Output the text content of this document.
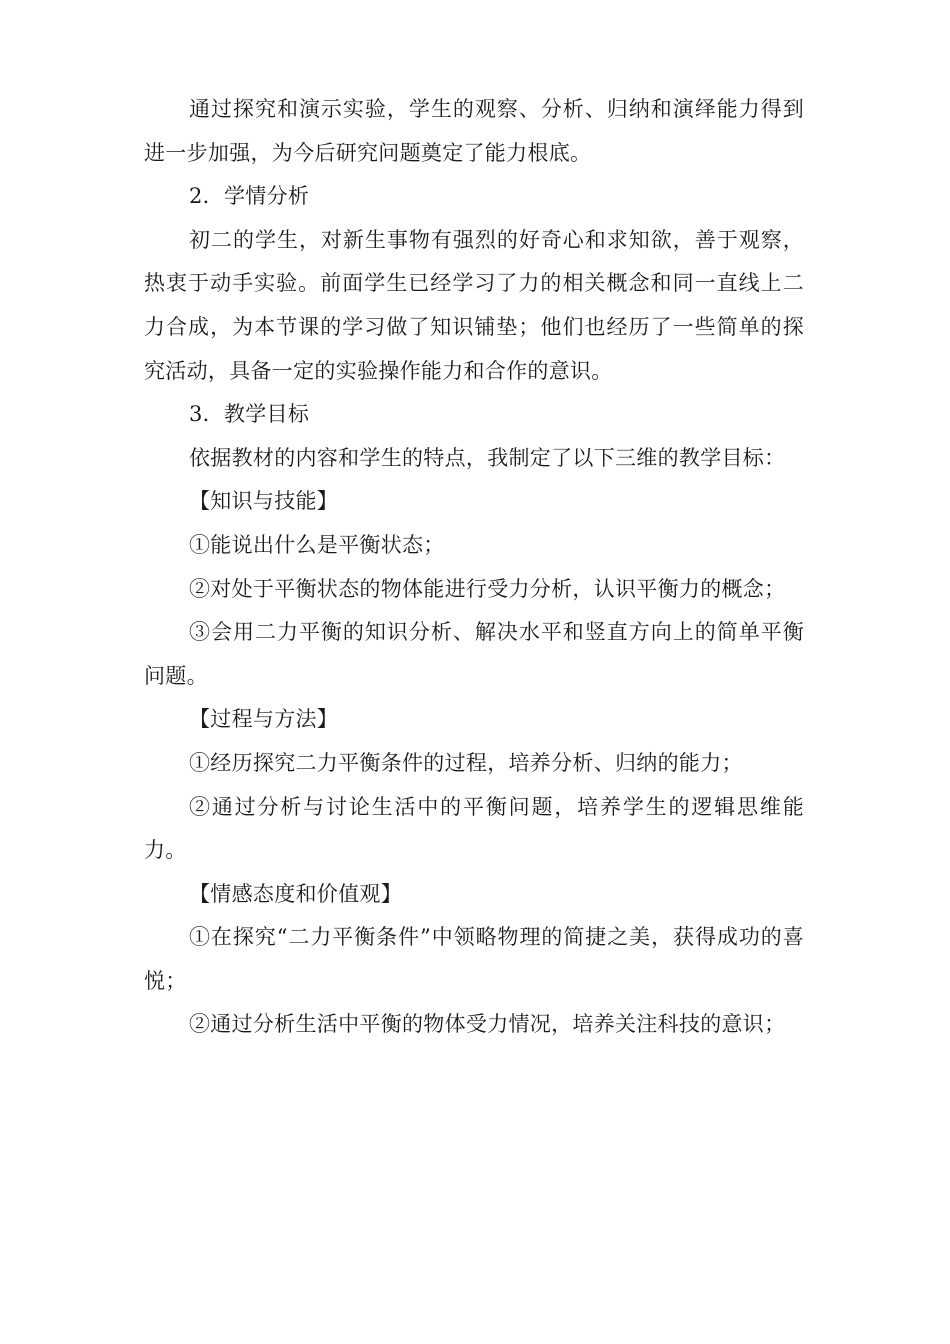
通过探究和演示实验，学生的观察、分析、归纳和演绎能力得到进一步加强，为今后研究问题奠定了能力根底。

2．学情分析

初二的学生，对新生事物有强烈的好奇心和求知欲，善于观察，热衷于动手实验。前面学生已经学习了力的相关概念和同一直线上二力合成，为本节课的学习做了知识铺垫；他们也经历了一些简单的探究活动，具备一定的实验操作能力和合作的意识。

3．教学目标

依据教材的内容和学生的特点，我制定了以下三维的教学目标：

【知识与技能】

①能说出什么是平衡状态；

②对处于平衡状态的物体能进行受力分析，认识平衡力的概念；

③会用二力平衡的知识分析、解决水平和竖直方向上的简单平衡问题。

【过程与方法】

①经历探究二力平衡条件的过程，培养分析、归纳的能力；

②通过分析与讨论生活中的平衡问题，培养学生的逻辑思维能力。

【情感态度和价值观】

①在探究“二力平衡条件”中领略物理的简捷之美，获得成功的喜悦；

②通过分析生活中平衡的物体受力情况，培养关注科技的意识；
